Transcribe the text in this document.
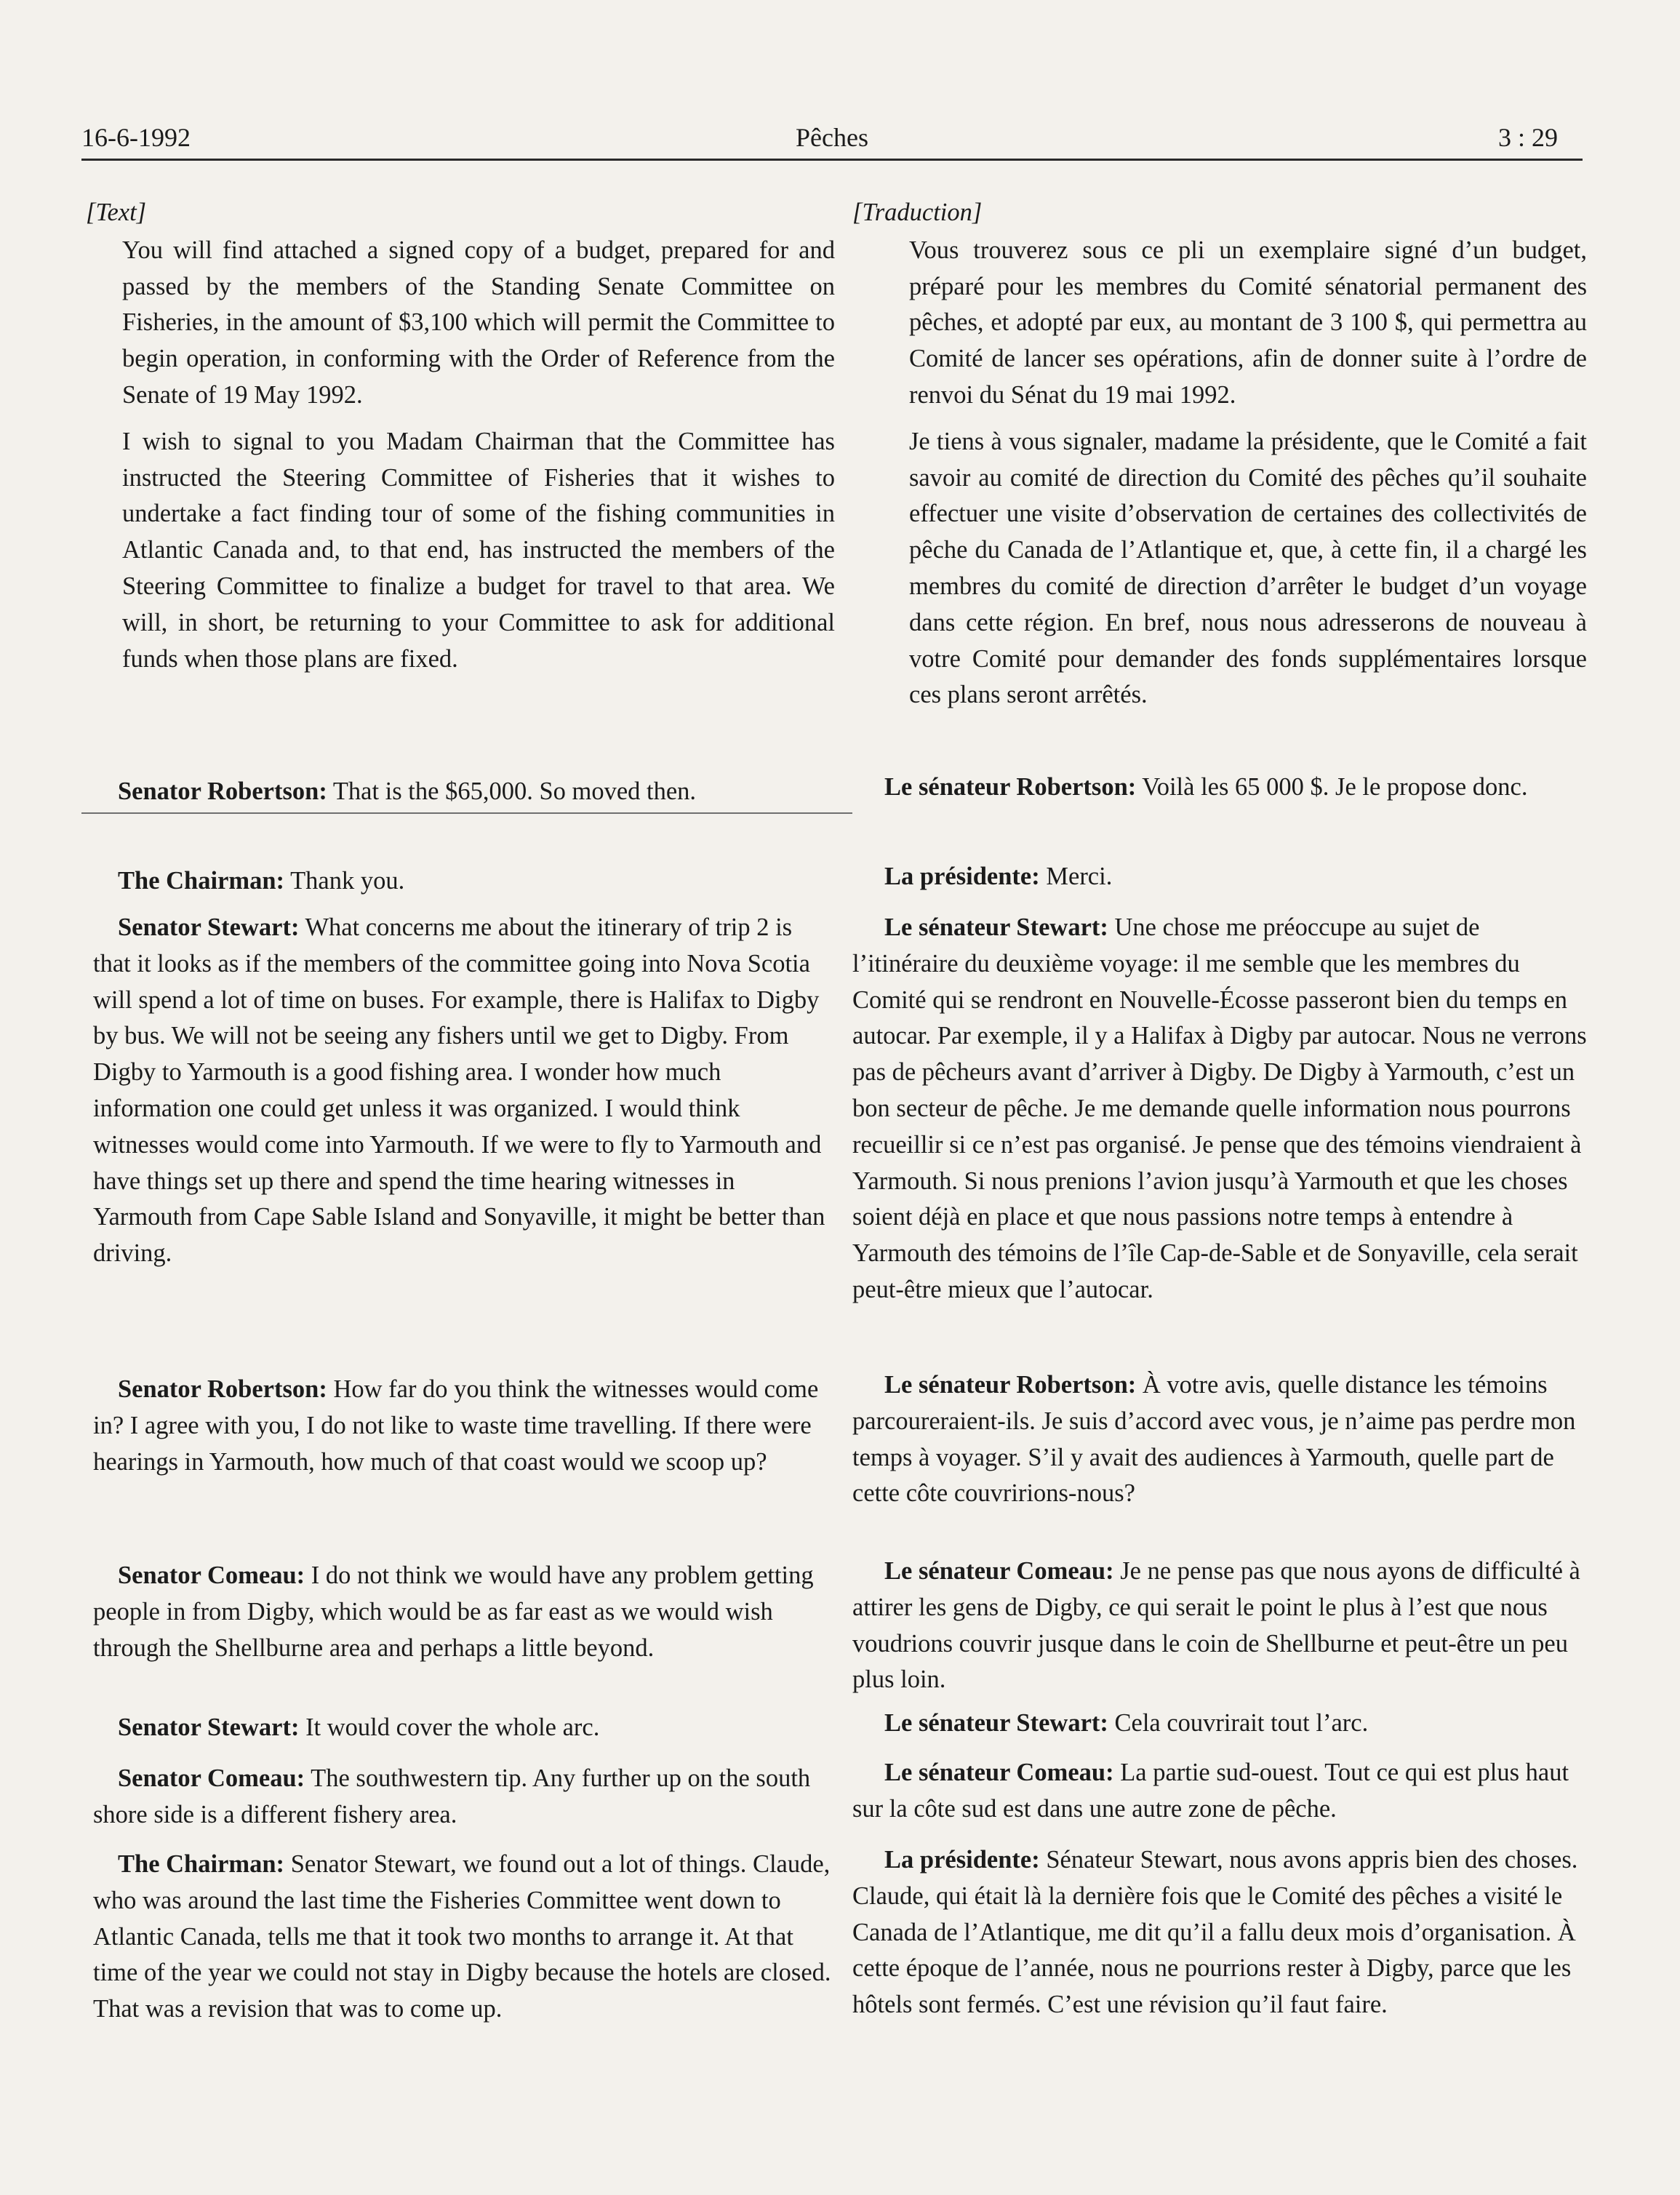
16-6-1992	Pêches	3 : 29

[Text]

You will find attached a signed copy of a budget, prepared for and passed by the members of the Standing Senate Committee on Fisheries, in the amount of $3,100 which will permit the Committee to begin operation, in conforming with the Order of Reference from the Senate of 19 May 1992.

I wish to signal to you Madam Chairman that the Committee has instructed the Steering Committee of Fisheries that it wishes to undertake a fact finding tour of some of the fishing communities in Atlantic Canada and, to that end, has instructed the members of the Steering Committee to finalize a budget for travel to that area. We will, in short, be returning to your Committee to ask for additional funds when those plans are fixed.

Senator Robertson: That is the $65,000. So moved then.

The Chairman: Thank you.

Senator Stewart: What concerns me about the itinerary of trip 2 is that it looks as if the members of the committee going into Nova Scotia will spend a lot of time on buses. For example, there is Halifax to Digby by bus. We will not be seeing any fishers until we get to Digby. From Digby to Yarmouth is a good fishing area. I wonder how much information one could get unless it was organized. I would think witnesses would come into Yarmouth. If we were to fly to Yarmouth and have things set up there and spend the time hearing witnesses in Yarmouth from Cape Sable Island and Sonyaville, it might be better than driving.

Senator Robertson: How far do you think the witnesses would come in? I agree with you, I do not like to waste time travelling. If there were hearings in Yarmouth, how much of that coast would we scoop up?

Senator Comeau: I do not think we would have any problem getting people in from Digby, which would be as far east as we would wish through the Shellburne area and perhaps a little beyond.

Senator Stewart: It would cover the whole arc.

Senator Comeau: The southwestern tip. Any further up on the south shore side is a different fishery area.

The Chairman: Senator Stewart, we found out a lot of things. Claude, who was around the last time the Fisheries Committee went down to Atlantic Canada, tells me that it took two months to arrange it. At that time of the year we could not stay in Digby because the hotels are closed. That was a revision that was to come up.

[Traduction]

Vous trouverez sous ce pli un exemplaire signé d’un budget, préparé pour les membres du Comité sénatorial permanent des pêches, et adopté par eux, au montant de 3 100 $, qui permettra au Comité de lancer ses opérations, afin de donner suite à l’ordre de renvoi du Sénat du 19 mai 1992.

Je tiens à vous signaler, madame la présidente, que le Comité a fait savoir au comité de direction du Comité des pêches qu’il souhaite effectuer une visite d’observation de certaines des collectivités de pêche du Canada de l’Atlantique et, que, à cette fin, il a chargé les membres du comité de direction d’arrêter le budget d’un voyage dans cette région. En bref, nous nous adresserons de nouveau à votre Comité pour demander des fonds supplémentaires lorsque ces plans seront arrêtés.

Le sénateur Robertson: Voilà les 65 000 $. Je le propose donc.

La présidente: Merci.

Le sénateur Stewart: Une chose me préoccupe au sujet de l’itinéraire du deuxième voyage: il me semble que les membres du Comité qui se rendront en Nouvelle-Écosse passeront bien du temps en autocar. Par exemple, il y a Halifax à Digby par autocar. Nous ne verrons pas de pêcheurs avant d’arriver à Digby. De Digby à Yarmouth, c’est un bon secteur de pêche. Je me demande quelle information nous pourrons recueillir si ce n’est pas organisé. Je pense que des témoins viendraient à Yarmouth. Si nous prenions l’avion jusqu’à Yarmouth et que les choses soient déjà en place et que nous passions notre temps à entendre à Yarmouth des témoins de l’île Cap-de-Sable et de Sonyaville, cela serait peut-être mieux que l’autocar.

Le sénateur Robertson: À votre avis, quelle distance les témoins parcoureraient-ils. Je suis d’accord avec vous, je n’aime pas perdre mon temps à voyager. S’il y avait des audiences à Yarmouth, quelle part de cette côte couvririons-nous?

Le sénateur Comeau: Je ne pense pas que nous ayons de difficulté à attirer les gens de Digby, ce qui serait le point le plus à l’est que nous voudrions couvrir jusque dans le coin de Shellburne et peut-être un peu plus loin.

Le sénateur Stewart: Cela couvrirait tout l’arc.

Le sénateur Comeau: La partie sud-ouest. Tout ce qui est plus haut sur la côte sud est dans une autre zone de pêche.

La présidente: Sénateur Stewart, nous avons appris bien des choses. Claude, qui était là la dernière fois que le Comité des pêches a visité le Canada de l’Atlantique, me dit qu’il a fallu deux mois d’organisation. À cette époque de l’année, nous ne pourrions rester à Digby, parce que les hôtels sont fermés. C’est une révision qu’il faut faire.
